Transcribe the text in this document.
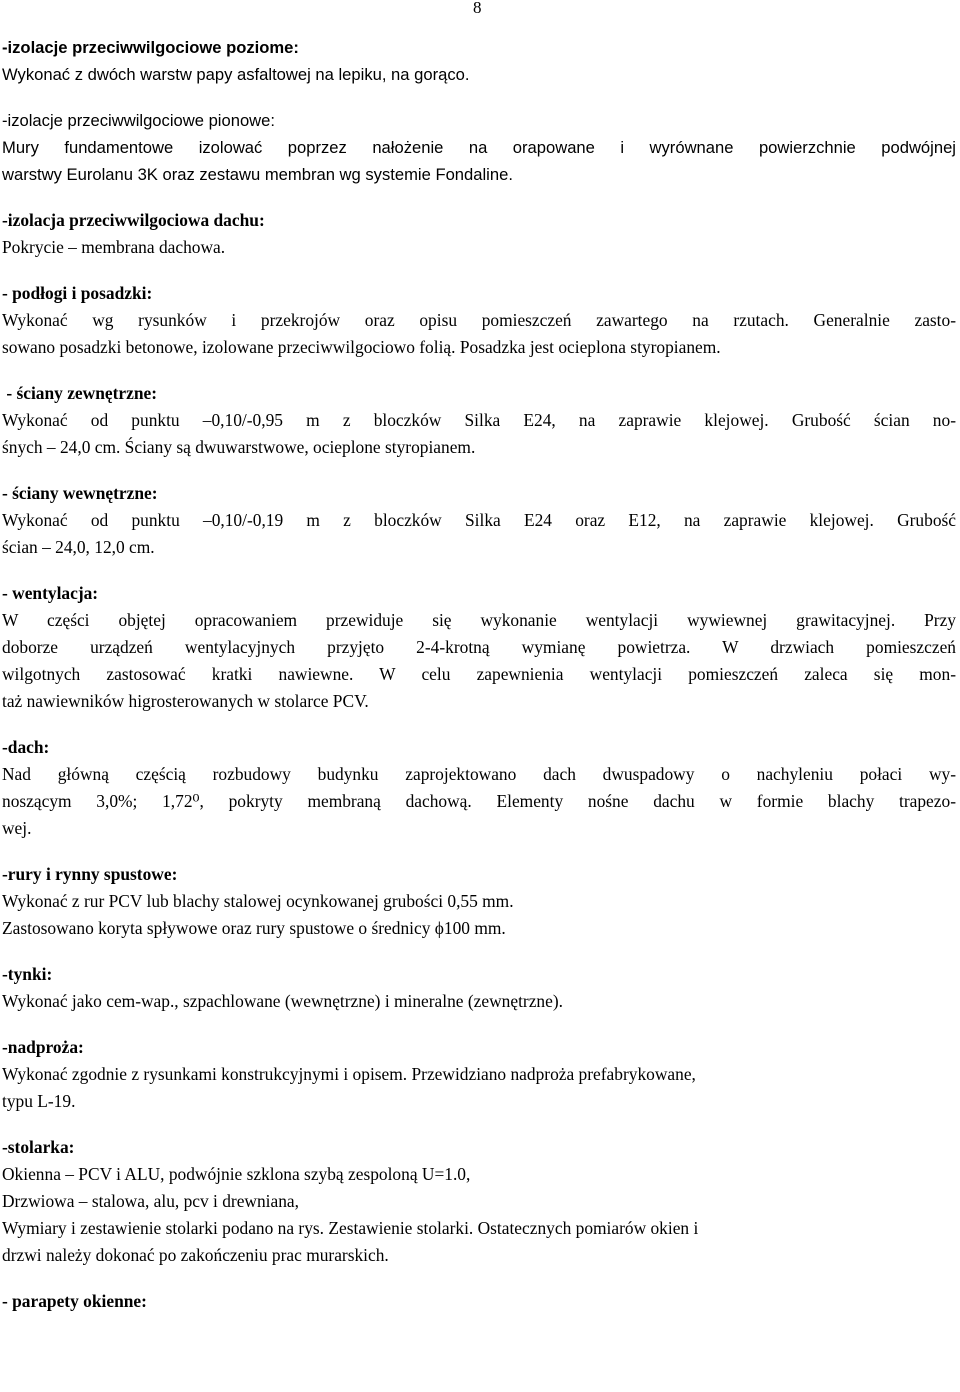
8
-izolacje przeciwwilgociowe poziome:
Wykonać z dwóch warstw papy asfaltowej na lepiku, na gorąco.
-izolacje przeciwwilgociowe pionowe:
Mury fundamentowe izolować poprzez nałożenie na orapowane i wyrównane powierzchnie podwójnej
warstwy Eurolanu 3K oraz zestawu membran wg systemie Fondaline.
-izolacja przeciwwilgociowa dachu:
Pokrycie – membrana dachowa.
- podłogi i posadzki:
Wykonać wg rysunków i przekrojów oraz opisu pomieszczeń zawartego na rzutach. Generalnie zasto-
sowano posadzki betonowe, izolowane przeciwwilgociowo folią. Posadzka jest ocieplona styropianem.
- ściany zewnętrzne:
Wykonać od punktu –0,10/-0,95 m z bloczków Silka E24, na zaprawie klejowej. Grubość ścian no-
śnych – 24,0 cm. Ściany są dwuwarstwowe, ocieplone styropianem.
- ściany wewnętrzne:
Wykonać od punktu –0,10/-0,19 m z bloczków Silka E24 oraz E12, na zaprawie klejowej. Grubość
ścian – 24,0, 12,0 cm.
- wentylacja:
W części objętej opracowaniem przewiduje się wykonanie wentylacji wywiewnej grawitacyjnej. Przy
doborze urządzeń wentylacyjnych przyjęto 2-4-krotną wymianę powietrza. W drzwiach pomieszczeń
wilgotnych zastosować kratki nawiewne. W celu zapewnienia wentylacji pomieszczeń zaleca się mon-
taż nawiewników higrosterowanych w stolarce PCV.
-dach:
Nad główną częścią rozbudowy budynku zaprojektowano dach dwuspadowy o nachyleniu połaci wy-
noszącym 3,0%; 1,72⁰, pokryty membraną dachową. Elementy nośne dachu w formie blachy trapezo-
wej.
-rury i rynny spustowe:
Wykonać z rur PCV lub blachy stalowej ocynkowanej grubości 0,55 mm.
Zastosowano koryta spływowe oraz rury spustowe o średnicy ϕ100 mm.
-tynki:
Wykonać jako cem-wap., szpachlowane (wewnętrzne) i mineralne (zewnętrzne).
-nadproża:
Wykonać zgodnie z rysunkami konstrukcyjnymi i opisem. Przewidziano nadproża prefabrykowane,
typu L-19.
-stolarka:
Okienna – PCV i ALU, podwójnie szklona szybą zespoloną U=1.0,
Drzwiowa – stalowa, alu, pcv i drewniana,
Wymiary i zestawienie stolarki podano na rys. Zestawienie stolarki. Ostatecznych pomiarów okien i
drzwi należy dokonać po zakończeniu prac murarskich.
- parapety okienne:
